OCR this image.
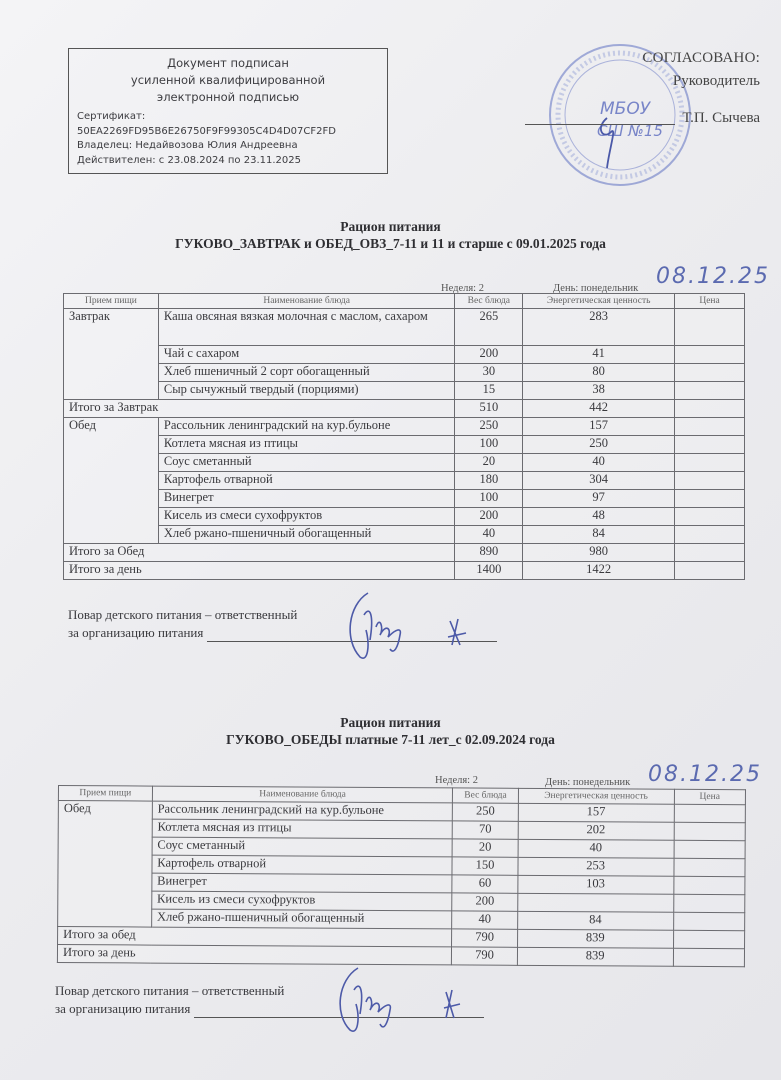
Документ подписан
усиленной квалифицированной
электронной подписью
Сертификат:
50EA2269FD95B6E26750F9F99305C4D4D07CF2FD
Владелец: Недайвозова Юлия Андреевна
Действителен: с 23.08.2024 по 23.11.2025
МБОУ
СШ №15
СОГЛАСОВАНО:
Руководитель
Т.П. Сычева
Рацион питания
ГУКОВО_ЗАВТРАК и ОБЕД_ОВЗ_7-11 и 11 и старше с 09.01.2025 года
Неделя: 2	День: понедельник 08.12.25
Прием пищи	Наименование блюда	Вес блюда	Энергетическая ценность	Цена
Завтрак	Каша овсяная вязкая молочная с маслом, сахаром	265	283	
	Чай с сахаром	200	41	
	Хлеб пшеничный 2 сорт обогащенный	30	80	
	Сыр сычужный твердый (порциями)	15	38	
Итого за Завтрак		510	442	
Обед	Рассольник ленинградский на кур.бульоне	250	157	
	Котлета мясная из птицы	100	250	
	Соус сметанный	20	40	
	Картофель отварной	180	304	
	Винегрет	100	97	
	Кисель из смеси сухофруктов	200	48	
	Хлеб ржано-пшеничный обогащенный	40	84	
Итого за Обед		890	980	
Итого за день		1400	1422	
Повар детского питания – ответственный
за организацию питания
Рацион питания
ГУКОВО_ОБЕДЫ платные 7-11 лет_с 02.09.2024 года
Неделя: 2	День: понедельник 08.12.25
Прием пищи	Наименование блюда	Вес блюда	Энергетическая ценность	Цена
Обед	Рассольник ленинградский на кур.бульоне	250	157	
	Котлета мясная из птицы	70	202	
	Соус сметанный	20	40	
	Картофель отварной	150	253	
	Винегрет	60	103	
	Кисель из смеси сухофруктов	200		
	Хлеб ржано-пшеничный обогащенный	40	84	
Итого за обед		790	839	
Итого за день		790	839	
Повар детского питания – ответственный
за организацию питания
